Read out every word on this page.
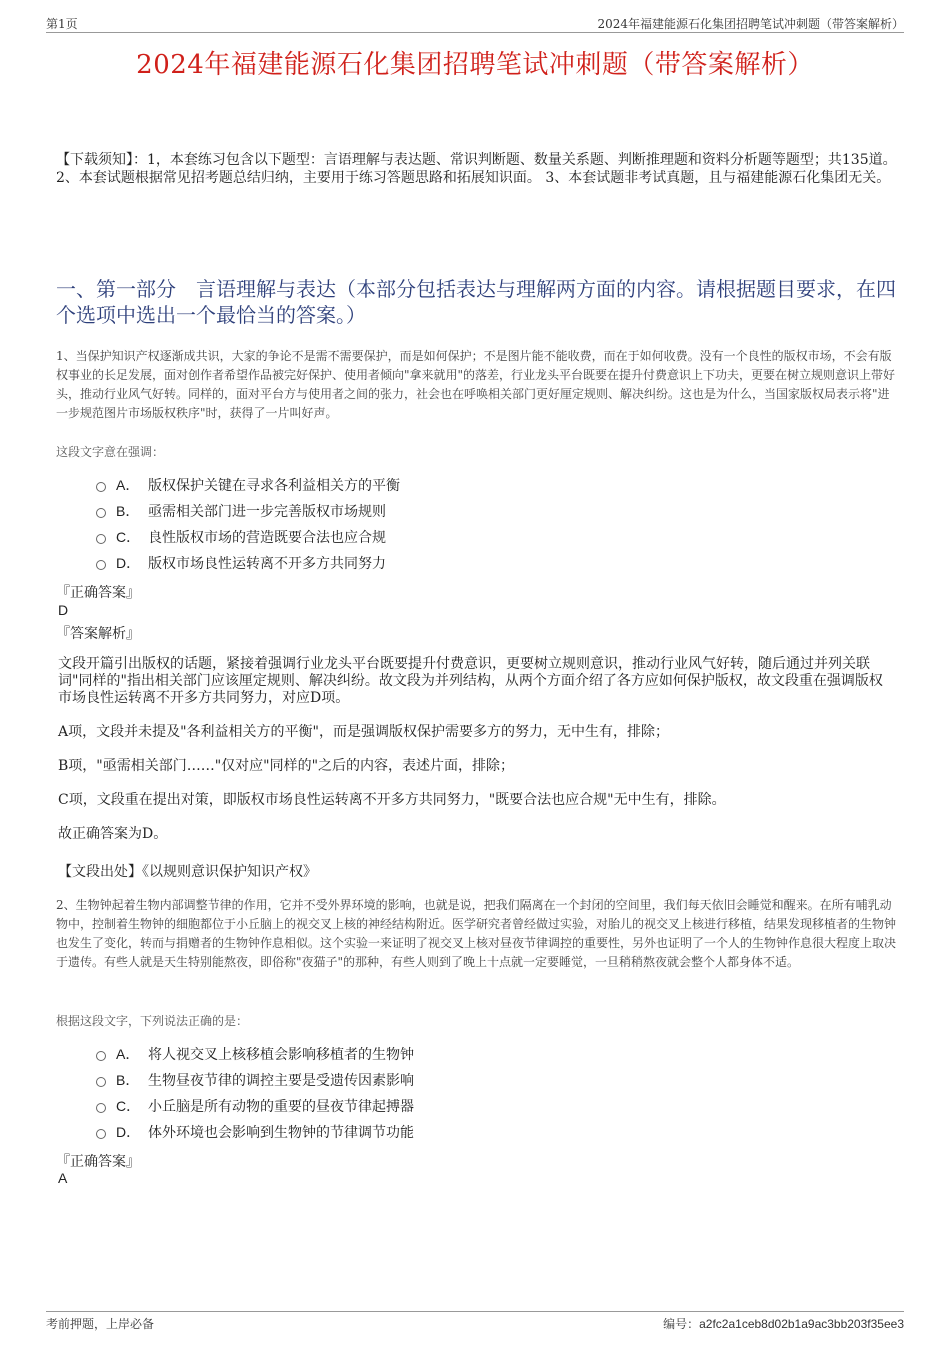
第1页	2024年福建能源石化集团招聘笔试冲刺题（带答案解析）
2024年福建能源石化集团招聘笔试冲刺题（带答案解析）
【下载须知】：1，本套练习包含以下题型：言语理解与表达题、常识判断题、数量关系题、判断推理题和资料分析题等题型；共135道。 2、本套试题根据常见招考题总结归纳，主要用于练习答题思路和拓展知识面。 3、本套试题非考试真题，且与福建能源石化集团无关。
一、第一部分　言语理解与表达（本部分包括表达与理解两方面的内容。请根据题目要求，在四个选项中选出一个最恰当的答案。）
1、当保护知识产权逐渐成共识，大家的争论不是需不需要保护，而是如何保护；不是图片能不能收费，而在于如何收费。没有一个良性的版权市场，不会有版权事业的长足发展，面对创作者希望作品被完好保护、使用者倾向"拿来就用"的落差，行业龙头平台既要在提升付费意识上下功夫，更要在树立规则意识上带好头，推动行业风气好转。同样的，面对平台方与使用者之间的张力，社会也在呼唤相关部门更好厘定规则、解决纠纷。这也是为什么，当国家版权局表示将"进一步规范图片市场版权秩序"时，获得了一片叫好声。
这段文字意在强调：
A． 版权保护关键在寻求各利益相关方的平衡
B． 亟需相关部门进一步完善版权市场规则
C． 良性版权市场的营造既要合法也应合规
D． 版权市场良性运转离不开多方共同努力
『正确答案』
D
『答案解析』

文段开篇引出版权的话题，紧接着强调行业龙头平台既要提升付费意识，更要树立规则意识，推动行业风气好转，随后通过并列关联词"同样的"指出相关部门应该厘定规则、解决纠纷。故文段为并列结构，从两个方面介绍了各方应如何保护版权，故文段重在强调版权市场良性运转离不开多方共同努力，对应D项。

A项，文段并未提及"各利益相关方的平衡"，而是强调版权保护需要多方的努力，无中生有，排除；

B项，"亟需相关部门……"仅对应"同样的"之后的内容，表述片面，排除；

C项，文段重在提出对策，即版权市场良性运转离不开多方共同努力，"既要合法也应合规"无中生有，排除。

故正确答案为D。

【文段出处】《以规则意识保护知识产权》
2、生物钟起着生物内部调整节律的作用，它并不受外界环境的影响，也就是说，把我们隔离在一个封闭的空间里，我们每天依旧会睡觉和醒来。在所有哺乳动物中，控制着生物钟的细胞都位于小丘脑上的视交叉上核的神经结构附近。医学研究者曾经做过实验，对胎儿的视交叉上核进行移植，结果发现移植者的生物钟也发生了变化，转而与捐赠者的生物钟作息相似。这个实验一来证明了视交叉上核对昼夜节律调控的重要性，另外也证明了一个人的生物钟作息很大程度上取决于遗传。有些人就是天生特别能熬夜，即俗称"夜猫子"的那种，有些人则到了晚上十点就一定要睡觉，一旦稍稍熬夜就会整个人都身体不适。
根据这段文字，下列说法正确的是：
A． 将人视交叉上核移植会影响移植者的生物钟
B． 生物昼夜节律的调控主要是受遗传因素影响
C． 小丘脑是所有动物的重要的昼夜节律起搏器
D． 体外环境也会影响到生物钟的节律调节功能
『正确答案』
A
考前押题，上岸必备	编号：a2fc2a1ceb8d02b1a9ac3bb203f35ee3
